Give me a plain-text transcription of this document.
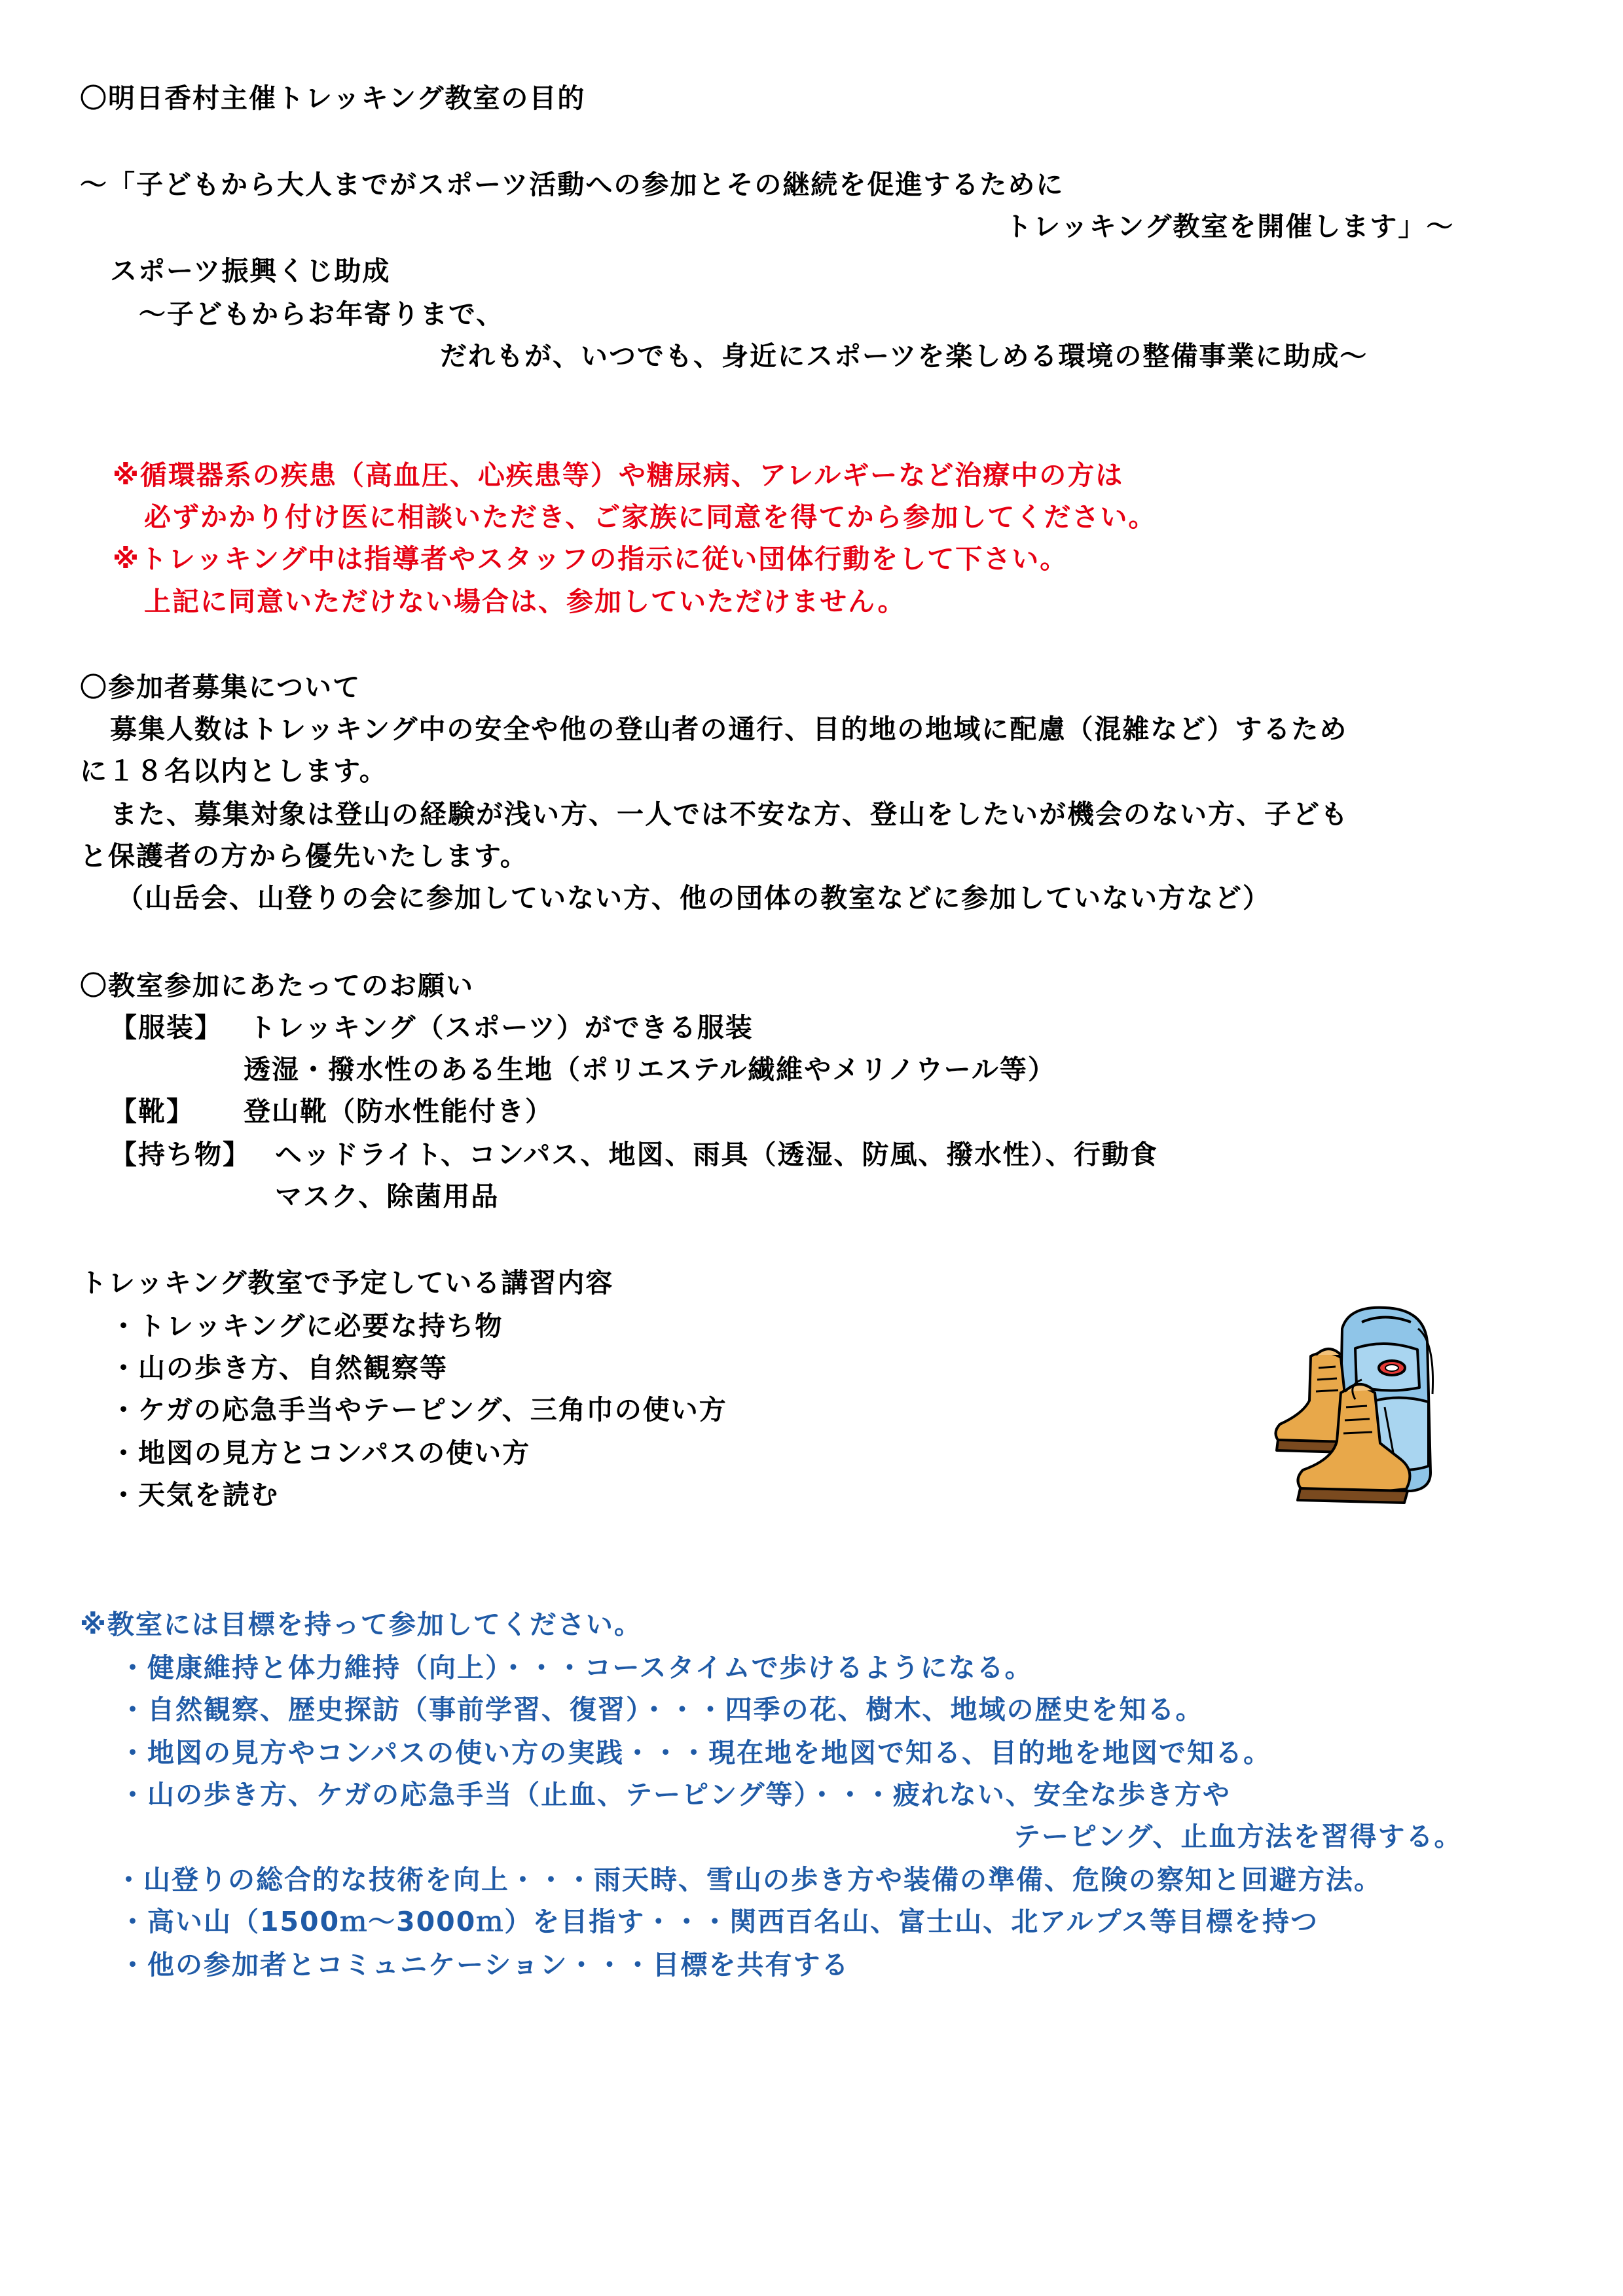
〇明日香村主催トレッキング教室の目的
～「子どもから大人までがスポーツ活動への参加とその継続を促進するために
トレッキング教室を開催します」～
スポーツ振興くじ助成
～子どもからお年寄りまで、
だれもが、いつでも、身近にスポーツを楽しめる環境の整備事業に助成～
※循環器系の疾患（高血圧、心疾患等）や糖尿病、アレルギーなど治療中の方は
必ずかかり付け医に相談いただき、ご家族に同意を得てから参加してください。
※トレッキング中は指導者やスタッフの指示に従い団体行動をして下さい。
上記に同意いただけない場合は、参加していただけません。
〇参加者募集について
募集人数はトレッキング中の安全や他の登山者の通行、目的地の地域に配慮（混雑など）するため
に１８名以内とします。
また、募集対象は登山の経験が浅い方、一人では不安な方、登山をしたいが機会のない方、子ども
と保護者の方から優先いたします。
（山岳会、山登りの会に参加していない方、他の団体の教室などに参加していない方など）
〇教室参加にあたってのお願い
【服装】 トレッキング（スポーツ）ができる服装
透湿・撥水性のある生地（ポリエステル繊維やメリノウール等）
【靴】 登山靴（防水性能付き）
【持ち物】 ヘッドライト、コンパス、地図、雨具（透湿、防風、撥水性）、行動食
マスク、除菌用品
トレッキング教室で予定している講習内容
・トレッキングに必要な持ち物
・山の歩き方、自然観察等
・ケガの応急手当やテーピング、三角巾の使い方
・地図の見方とコンパスの使い方
・天気を読む
※教室には目標を持って参加してください。
・健康維持と体力維持（向上）・・・コースタイムで歩けるようになる。
・自然観察、歴史探訪（事前学習、復習）・・・四季の花、樹木、地域の歴史を知る。
・地図の見方やコンパスの使い方の実践・・・現在地を地図で知る、目的地を地図で知る。
・山の歩き方、ケガの応急手当（止血、テーピング等）・・・疲れない、安全な歩き方や
テーピング、止血方法を習得する。
・山登りの総合的な技術を向上・・・雨天時、雪山の歩き方や装備の準備、危険の察知と回避方法。
・高い山（1500ｍ～3000ｍ）を目指す・・・関西百名山、富士山、北アルプス等目標を持つ
・他の参加者とコミュニケーション・・・目標を共有する
